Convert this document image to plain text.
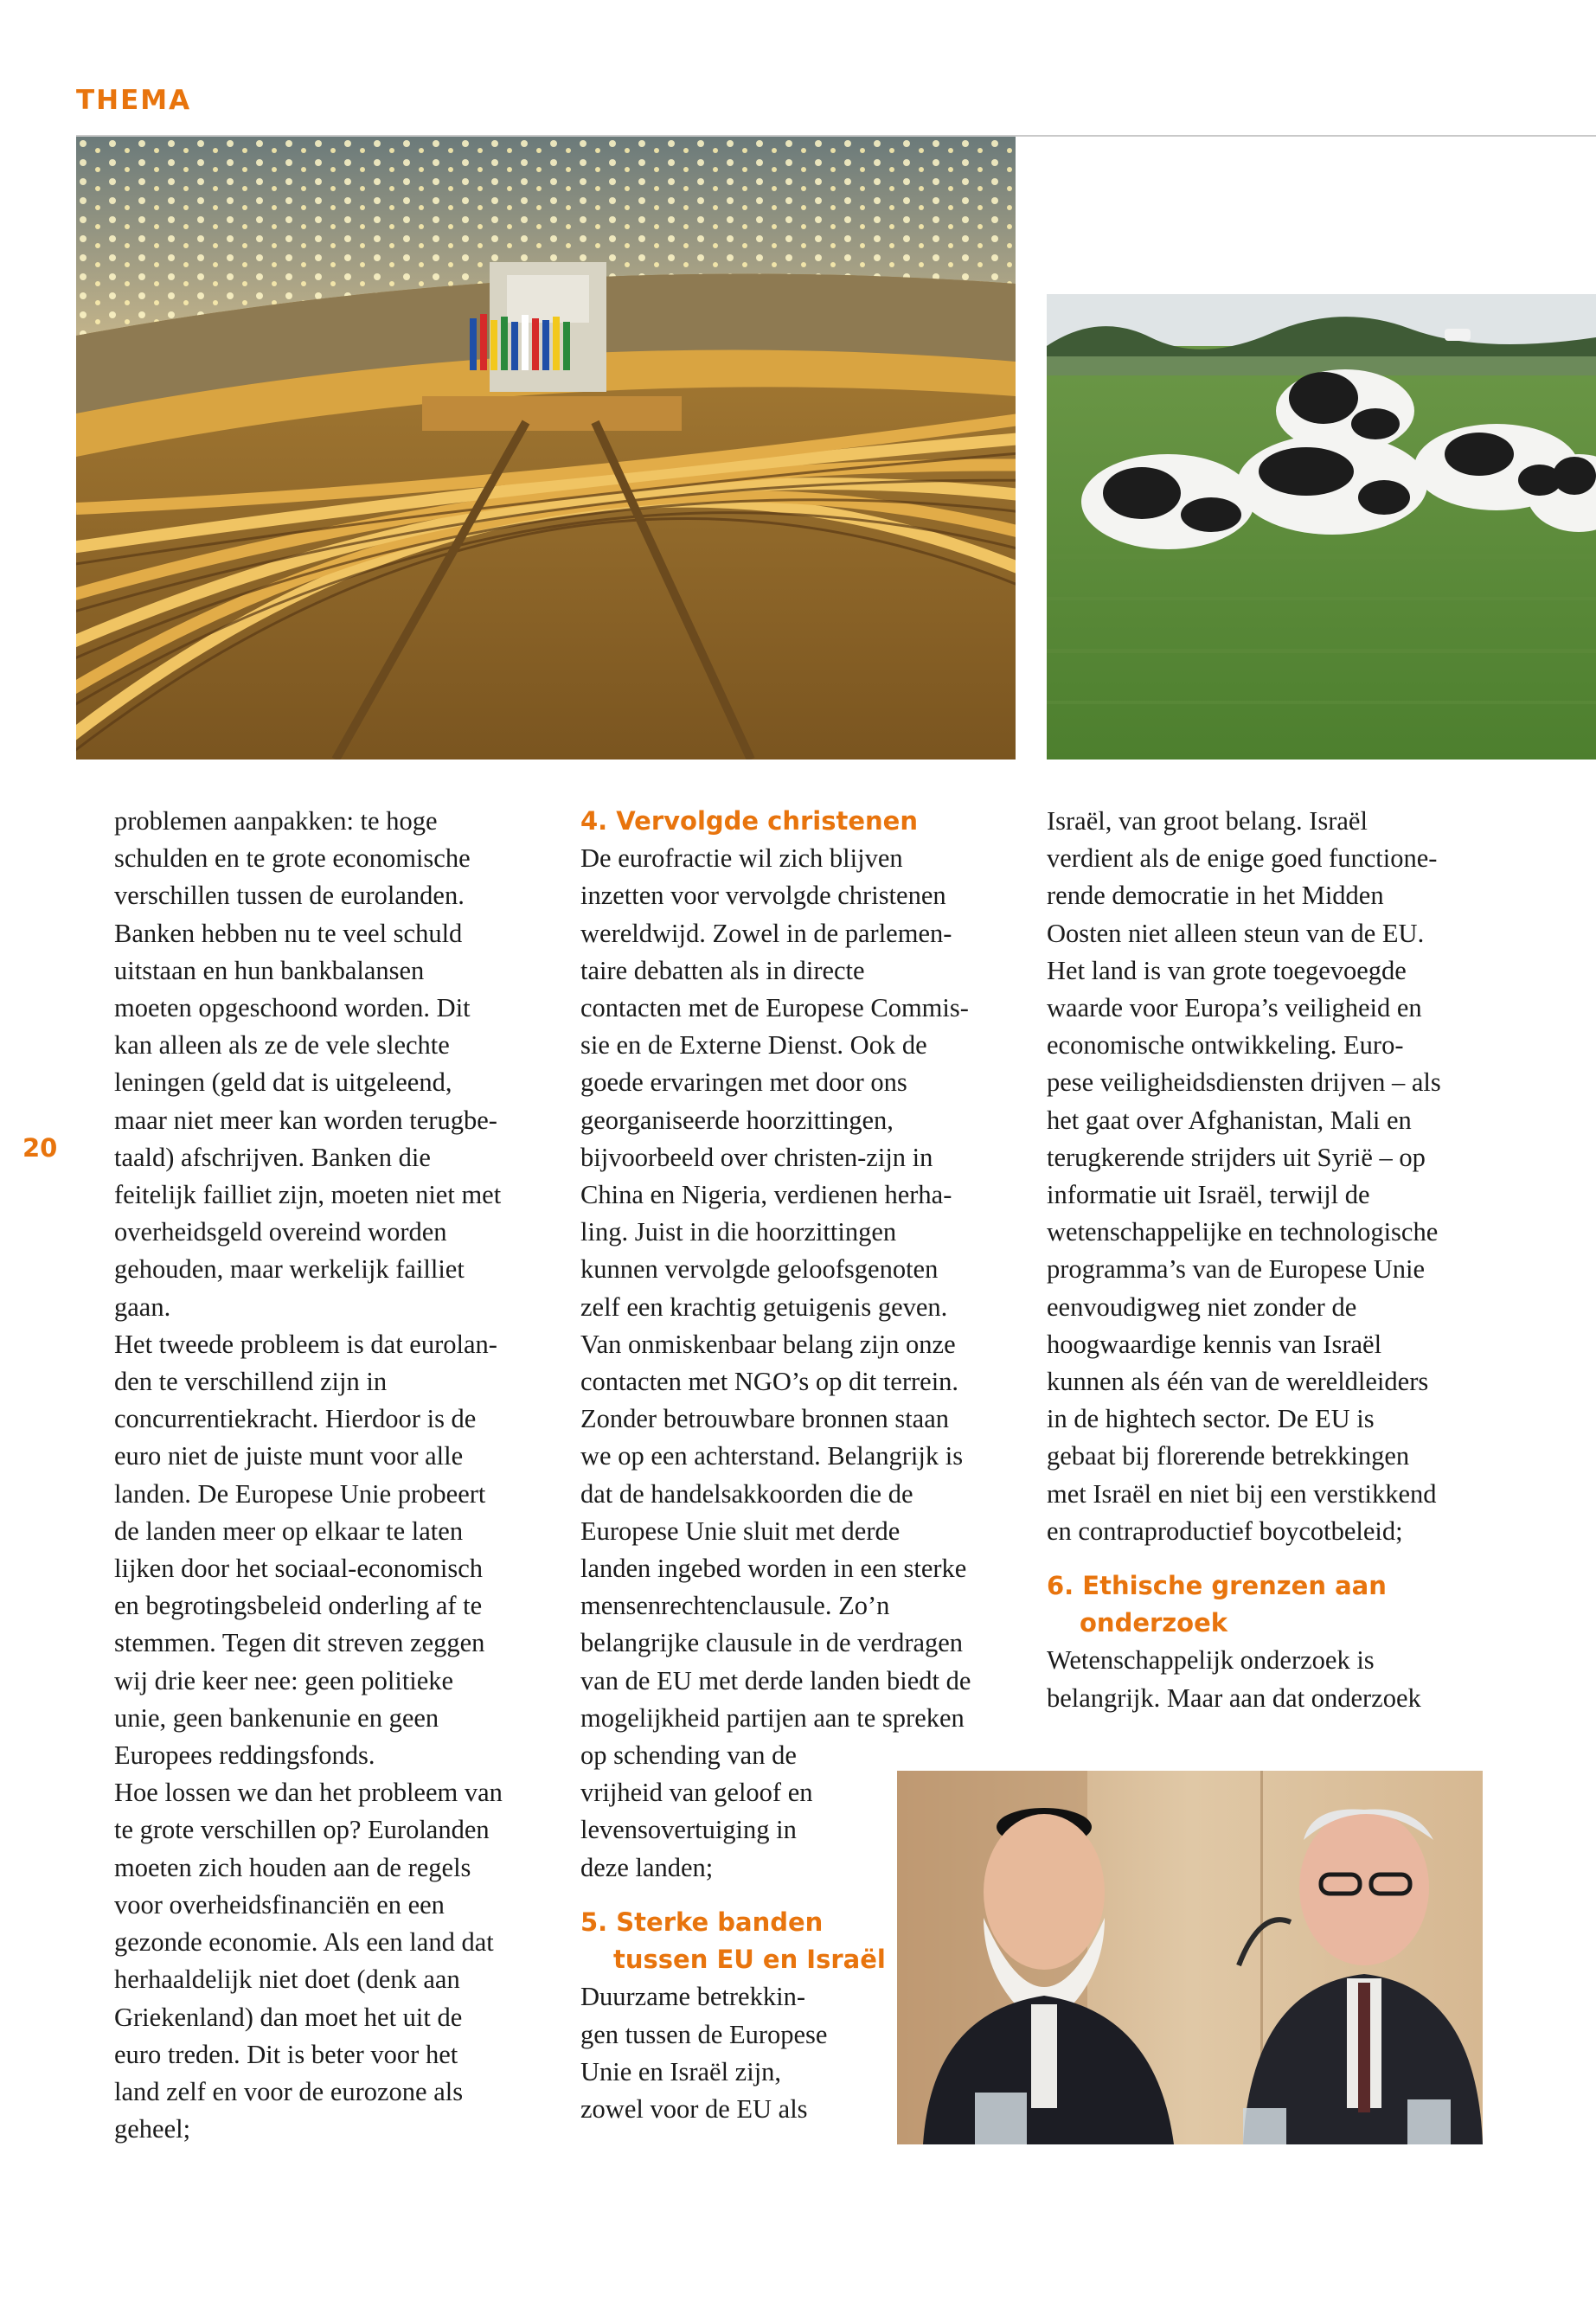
THEMA
20

problemen aanpakken: te hoge

schulden en te grote economische

verschillen tussen de eurolanden.

Banken hebben nu te veel schuld

uitstaan en hun bankbalansen

moeten opgeschoond worden. Dit

kan alleen als ze de vele slechte

leningen (geld dat is uitgeleend,

maar niet meer kan worden terugbe-

taald) afschrijven. Banken die

feitelijk failliet zijn, moeten niet met

overheidsgeld overeind worden

gehouden, maar werkelijk failliet

gaan.

Het tweede probleem is dat eurolan-

den te verschillend zijn in

concurrentiekracht. Hierdoor is de

euro niet de juiste munt voor alle

landen. De Europese Unie probeert

de landen meer op elkaar te laten

lijken door het sociaal-economisch

en begrotingsbeleid onderling af te

stemmen. Tegen dit streven zeggen

wij drie keer nee: geen politieke

unie, geen bankenunie en geen

Europees reddingsfonds.

Hoe lossen we dan het probleem van

te grote verschillen op? Eurolanden

moeten zich houden aan de regels

voor overheidsfinanciën en een

gezonde economie. Als een land dat

herhaaldelijk niet doet (denk aan

Griekenland) dan moet het uit de

euro treden. Dit is beter voor het

land zelf en voor de eurozone als

geheel;

4. Vervolgde christenen

De eurofractie wil zich blijven

inzetten voor vervolgde christenen

wereldwijd. Zowel in de parlemen-

taire debatten als in directe

contacten met de Europese Commis-

sie en de Externe Dienst. Ook de

goede ervaringen met door ons

georganiseerde hoorzittingen,

bijvoorbeeld over christen-zijn in

China en Nigeria, verdienen herha-

ling. Juist in die hoorzittingen

kunnen vervolgde geloofsgenoten

zelf een krachtig getuigenis geven.

Van onmiskenbaar belang zijn onze

contacten met NGO’s op dit terrein.

Zonder betrouwbare bronnen staan

we op een achterstand. Belangrijk is

dat de handelsakkoorden die de

Europese Unie sluit met derde

landen ingebed worden in een sterke

mensenrechtenclausule. Zo’n

belangrijke clausule in de verdragen

van de EU met derde landen biedt de

mogelijkheid partijen aan te spreken

op schending van de

vrijheid van geloof en

levensovertuiging in

deze landen;

5. Sterke banden
tussen EU en Israël

Duurzame betrekkin-

gen tussen de Europese

Unie en Israël zijn,

zowel voor de EU als

Israël, van groot belang. Israël

verdient als de enige goed functione-

rende democratie in het Midden

Oosten niet alleen steun van de EU.

Het land is van grote toegevoegde

waarde voor Europa’s veiligheid en

economische ontwikkeling. Euro-

pese veiligheidsdiensten drijven – als

het gaat over Afghanistan, Mali en

terugkerende strijders uit Syrië – op

informatie uit Israël, terwijl de

wetenschappelijke en technologische

programma’s van de Europese Unie

eenvoudigweg niet zonder de

hoogwaardige kennis van Israël

kunnen als één van de wereldleiders

in de hightech sector. De EU is

gebaat bij florerende betrekkingen

met Israël en niet bij een verstikkend

en contraproductief boycotbeleid;

6. Ethische grenzen aan
onderzoek

Wetenschappelijk onderzoek is

belangrijk. Maar aan dat onderzoek
